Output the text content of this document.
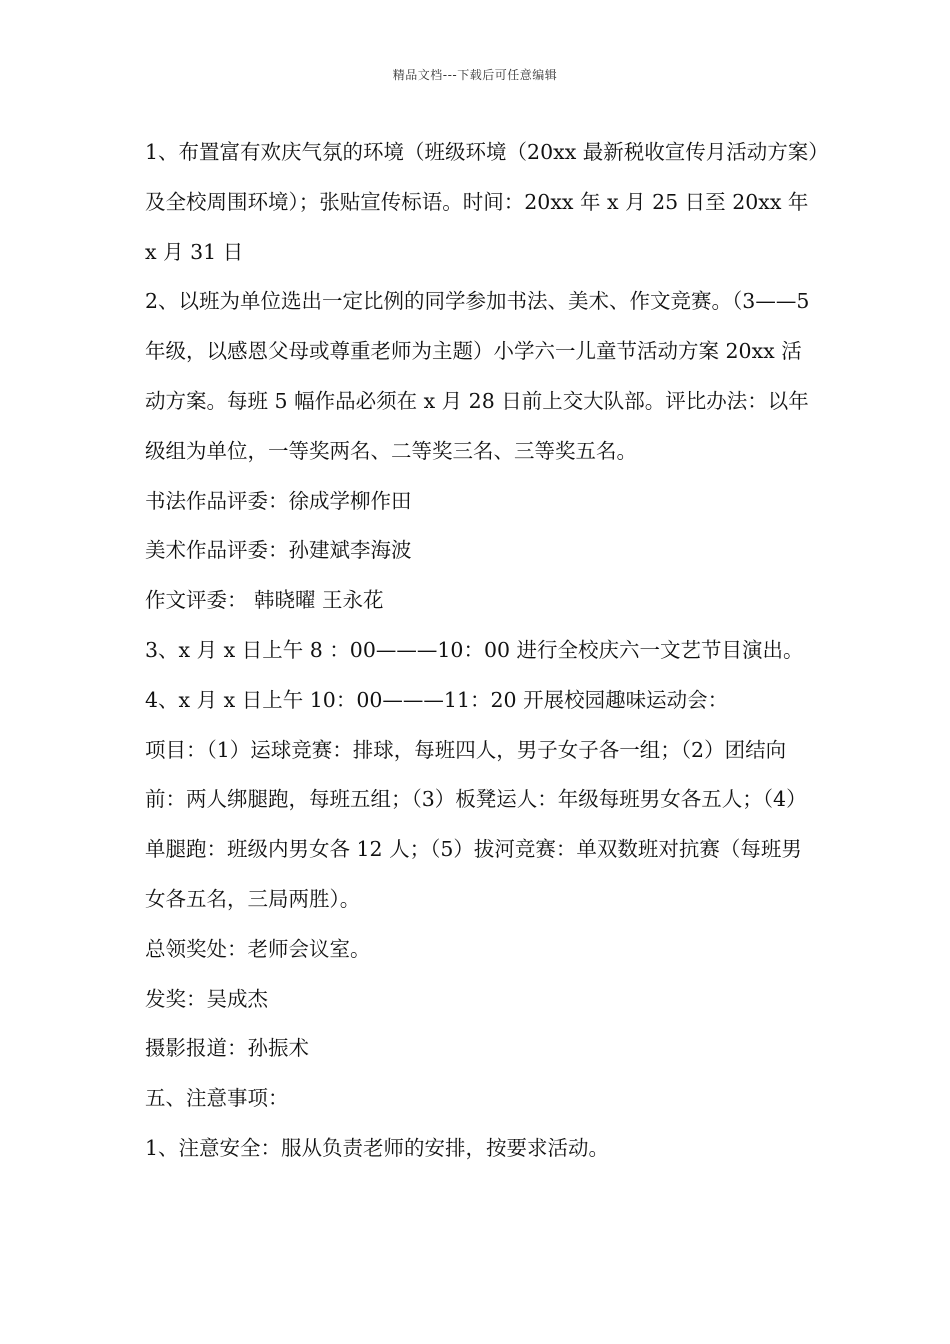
精品文档---下载后可任意编辑

1、布置富有欢庆气氛的环境（班级环境（20xx 最新税收宣传月活动方案）及全校周围环境）；张贴宣传标语。时间：20xx 年 x 月 25 日至 20xx 年 x 月 31 日

2、以班为单位选出一定比例的同学参加书法、美术、作文竞赛。（3——5 年级，以感恩父母或尊重老师为主题）小学六一儿童节活动方案 20xx 活动方案。每班 5 幅作品必须在 x 月 28 日前上交大队部。评比办法：以年级组为单位，一等奖两名、二等奖三名、三等奖五名。

书法作品评委：徐成学柳作田

美术作品评委：孙建斌李海波

作文评委： 韩晓曜 王永花

3、x 月 x 日上午 8 ：00———10：00 进行全校庆六一文艺节目演出。

4、x 月 x 日上午 10：00———11：20 开展校园趣味运动会：

项目：（1）运球竞赛：排球，每班四人，男子女子各一组；（2）团结向前：两人绑腿跑，每班五组；（3）板凳运人：年级每班男女各五人；（4）单腿跑：班级内男女各 12 人；（5）拔河竞赛：单双数班对抗赛（每班男女各五名，三局两胜）。

总领奖处：老师会议室。

发奖：吴成杰

摄影报道：孙振术

五、注意事项：

1、注意安全：服从负责老师的安排，按要求活动。
